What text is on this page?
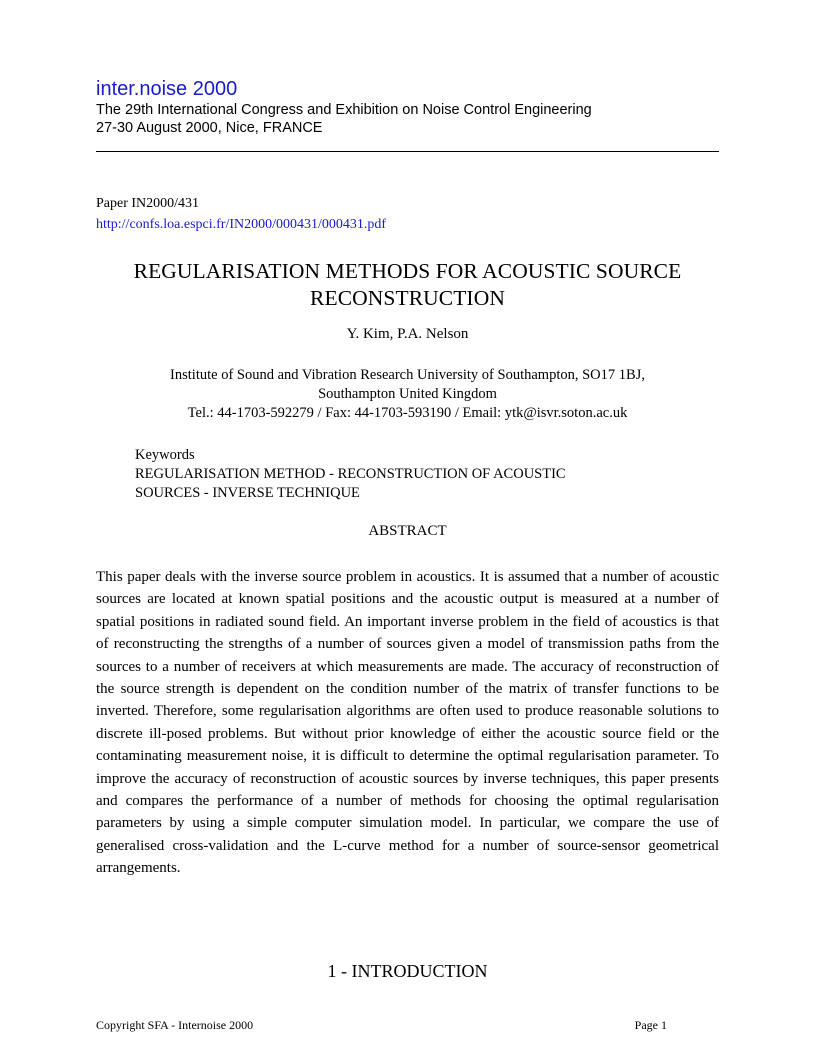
inter.noise 2000
The 29th International Congress and Exhibition on Noise Control Engineering
27-30 August 2000, Nice, FRANCE
Paper IN2000/431
http://confs.loa.espci.fr/IN2000/000431/000431.pdf
REGULARISATION METHODS FOR ACOUSTIC SOURCE
RECONSTRUCTION
Y. Kim, P.A. Nelson
Institute of Sound and Vibration Research University of Southampton, SO17 1BJ,
Southampton United Kingdom
Tel.: 44-1703-592279 / Fax: 44-1703-593190 / Email: ytk@isvr.soton.ac.uk
Keywords
REGULARISATION METHOD - RECONSTRUCTION OF ACOUSTIC
SOURCES - INVERSE TECHNIQUE
ABSTRACT

This paper deals with the inverse source problem in acoustics. It is assumed that a number of acoustic sources are located at known spatial positions and the acoustic output is measured at a number of spatial positions in radiated sound field. An important inverse problem in the field of acoustics is that of reconstructing the strengths of a number of sources given a model of transmission paths from the sources to a number of receivers at which measurements are made. The accuracy of reconstruction of the source strength is dependent on the condition number of the matrix of transfer functions to be inverted. Therefore, some regularisation algorithms are often used to produce reasonable solutions to discrete ill-posed problems. But without prior knowledge of either the acoustic source field or the contaminating measurement noise, it is difficult to determine the optimal regularisation parameter. To improve the accuracy of reconstruction of acoustic sources by inverse techniques, this paper presents and compares the performance of a number of methods for choosing the optimal regularisation parameters by using a simple computer simulation model. In particular, we compare the use of generalised cross-validation and the L-curve method for a number of source-sensor geometrical arrangements.

1 - INTRODUCTION
Copyright SFA - Internoise 2000	Page 1
